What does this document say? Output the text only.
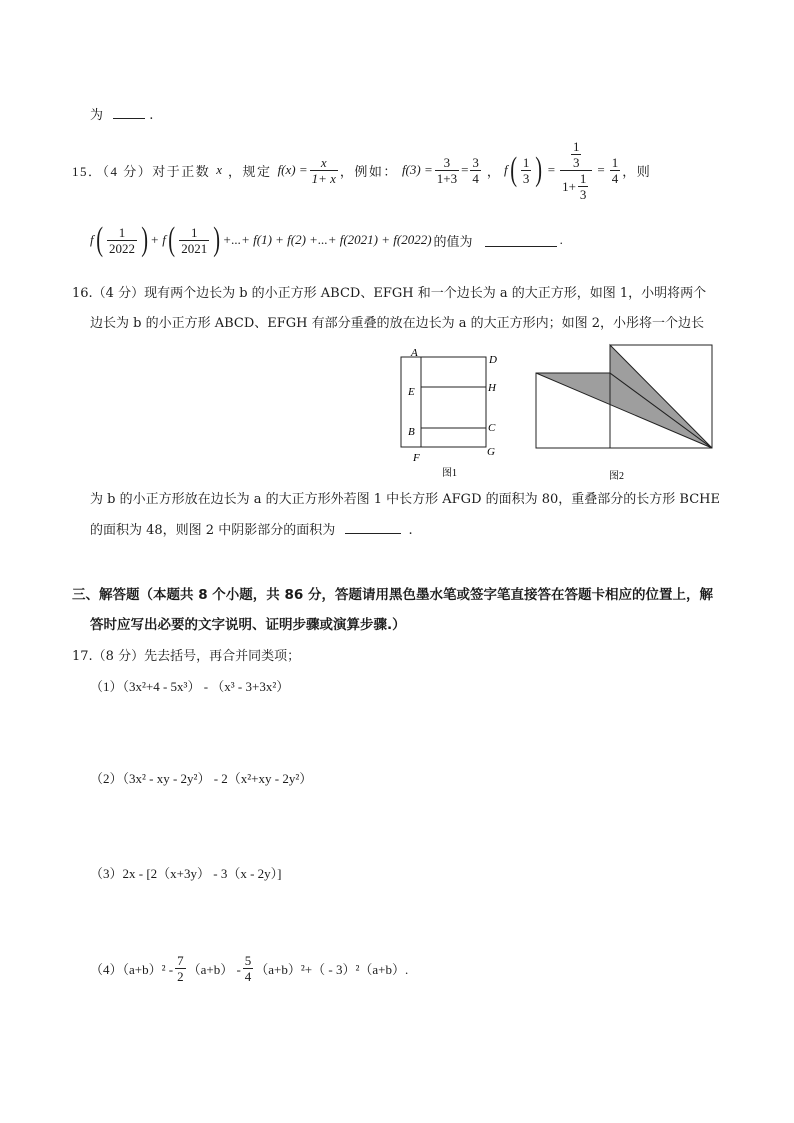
为	.
15．（4 分）对于正数 x ，规定 $f(x) = \frac{x}{1+ x}$ ，例如： $f(3) = \frac{3}{1+3} = \frac{3}{4}$ ， f ( $\frac{1}{3}$ ) = $\frac{\frac{1}{3}}{1+ \frac{1}{3}} = \frac{1}{4}$ ，则
f ( $\frac{1}{2022}$ ) + f ( $\frac{1}{2021}$ ) +...+ f(1) + f(2) +...+ f(2021) + f(2022) 的值为	.
16.（4 分）现有两个边长为 b 的小正方形 ABCD、EFGH 和一个边长为 a 的大正方形，如图 1，小明将两个
边长为 b 的小正方形 ABCD、EFGH 有部分重叠的放在边长为 a 的大正方形内；如图 2，小彤将一个边长
A
D
E	H
B	C
F	G
图1	图2
为 b 的小正方形放在边长为 a 的大正方形外若图 1 中长方形 AFGD 的面积为 80，重叠部分的长方形 BCHE
的面积为 48，则图 2 中阴影部分的面积为	.
三、解答题（本题共 8 个小题，共 86 分，答题请用黑色墨水笔或签字笔直接答在答题卡相应的位置上，解
答时应写出必要的文字说明、证明步骤或演算步骤.）
17.（8 分）先去括号，再合并同类项；
（1）（3x²+4 - 5x³） - （x³ - 3+3x²）
（2）（3x² - xy - 2y²） - 2（x²+xy - 2y²）
（3）2x - [2（x+3y） - 3（x - 2y）]
$(4)(a+b)^2 - \frac{7}{2} (a+b) - \frac{5}{4} (a+b)^2+( - 3)^2(a+b)$.
